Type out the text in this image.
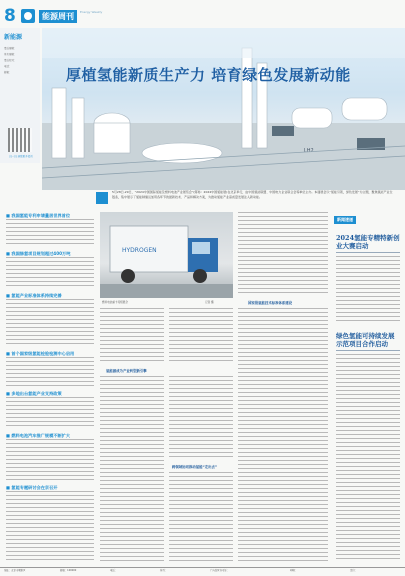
8	能源周刊	Energy Weekly
新能源
责任编辑：
美术编辑：
责任校对：
电话：
邮箱：
扫一扫 获取更多资讯
LH2
厚植氢能新质生产力 培育绿色发展新动能
5月28日-29日，“2024中国国际氢能及燃料电池产业展览会”(简称：2024中国氢能展)在北京举行，由中国氢能联盟、中国电力企业联合会等单位主办。本届展会以“氢能引领，绿色发展”为主题，聚焦氢能产业全链条，集中展示了氢能制储运加用各环节的最新技术、产品和解决方案，为推动氢能产业高质量发展注入新动能。
■ 我国氢能专利申请量居世界首位
■ 我国绿氢项目规划超过400万吨
■ 氢能产业标准体系持续完善
■ 首个国家级氢能检验检测中心启用
■ 多地出台氢能产业支持政策
■ 燃料电池汽车推广规模不断扩大
■ 氢能专题研讨会在京召开
HYDROGEN
燃料电池重卡亮相展会	记者 摄
氢能源成为产业转型新引擎
跨领域协同推动氢能“走出去”
国家级氢能技术标准体系建设
新闻速递
2024氢能专精特新创业大赛启动
绿色氢能可持续发展示范项目合作启动
地址：北京市朝阳区	邮编：100000	电话：	传真：	广告经营许可证：	印刷：	定价：
